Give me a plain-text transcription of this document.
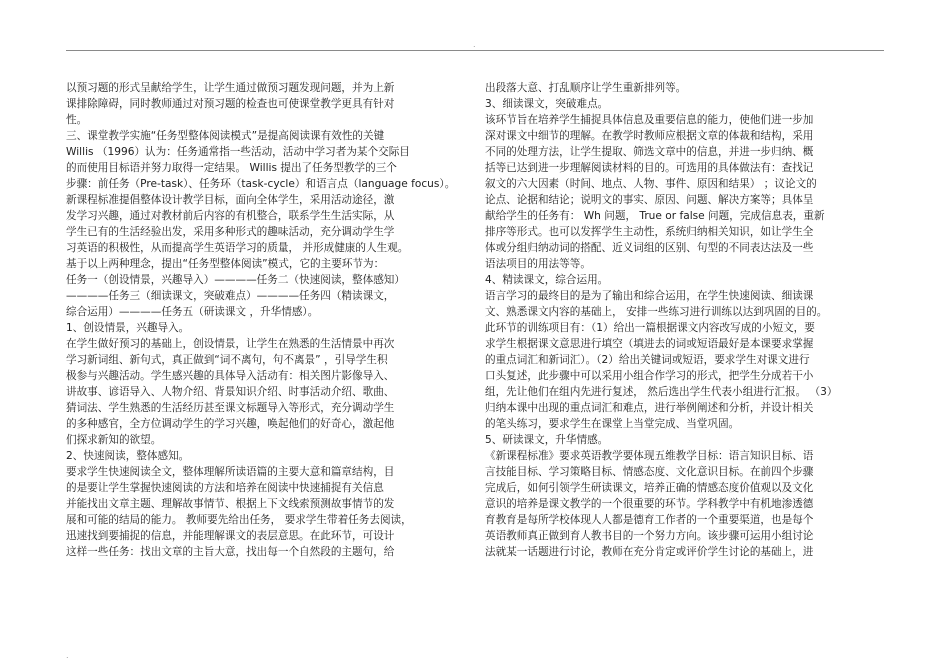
.
以预习题的形式呈献给学生，让学生通过做预习题发现问题，并为上新
课排除障碍，同时教师通过对预习题的检查也可使课堂教学更具有针对
性。
三、课堂教学实施“任务型整体阅读模式”是提高阅读课有效性的关键
Willis （1996）认为：任务通常指一些活动，活动中学习者为某个交际目
的而使用目标语并努力取得一定结果。 Willis 提出了任务型教学的三个
步骤：前任务（Pre-task）、任务环（task-cycle）和语言点（language focus）。
新课程标准提倡整体设计教学目标，面向全体学生，采用活动途径，激
发学习兴趣，通过对教材前后内容的有机整合，联系学生生活实际，从
学生已有的生活经验出发，采用多种形式的趣味活动，充分调动学生学
习英语的积极性，从而提高学生英语学习的质量， 并形成健康的人生观。
基于以上两种理念，提出“任务型整体阅读”模式，它的主要环节为：
任务一（创设情景，兴趣导入）————任务二（快速阅读，整体感知）
————任务三（细读课文，突破难点）————任务四（精读课文，
综合运用）————任务五（研读课文 ，升华情感）。
1、创设情景，兴趣导入。
在学生做好预习的基础上，创设情景，让学生在熟悉的生活情景中再次
学习新词组、新句式，真正做到“词不离句，句不离景” ，引导学生积
极参与兴趣活动。学生感兴趣的具体导入活动有：相关图片影像导入、
讲故事、谚语导入、人物介绍、背景知识介绍、时事活动介绍、歌曲、
猜词法、学生熟悉的生活经历甚至课文标题导入等形式，充分调动学生
的多种感官，全方位调动学生的学习兴趣，唤起他们的好奇心，激起他
们探求新知的欲望。
2、快速阅读，整体感知。
要求学生快速阅读全文，整体理解所读语篇的主要大意和篇章结构，目
的是要让学生掌握快速阅读的方法和培养在阅读中快速捕捉有关信息
并能找出文章主题、理解故事情节、根据上下文线索预测故事情节的发
展和可能的结局的能力。 教师要先给出任务， 要求学生带着任务去阅读，
迅速找到要捕捉的信息，并能理解课文的表层意思。在此环节，可设计
这样一些任务：找出文章的主旨大意，找出每一个自然段的主题句，给
出段落大意、打乱顺序让学生重新排列等。
3、细读课文，突破难点。
该环节旨在培养学生捕捉具体信息及重要信息的能力，使他们进一步加
深对课文中细节的理解。在教学时教师应根据文章的体裁和结构，采用
不同的处理方法，让学生提取、筛选文章中的信息，并进一步归纳、概
括等已达到进一步理解阅读材料的目的。可选用的具体做法有：查找记
叙文的六大因素（时间、地点、人物、事件、原因和结果） ；议论文的
论点、论据和结论；说明文的事实、原因、问题、解决方案等；具体呈
献给学生的任务有： Wh 问题， True or false 问题，完成信息表，重新
排序等形式。也可以发挥学生主动性，系统归纳相关知识，如让学生全
体或分组归纳动词的搭配、近义词组的区别、句型的不同表达法及一些
语法项目的用法等等。
4、精读课文，综合运用。
语言学习的最终目的是为了输出和综合运用，在学生快速阅读、细读课
文、熟悉课文内容的基础上， 安排一些练习进行训练以达到巩固的目的。
此环节的训练项目有：（1）给出一篇根据课文内容改写成的小短文，要
求学生根据课文意思进行填空（填进去的词或短语最好是本课要求掌握
的重点词汇和新词汇）。（2）给出关键词或短语，要求学生对课文进行
口头复述，此步骤中可以采用小组合作学习的形式，把学生分成若干小
组，先让他们在组内先进行复述， 然后选出学生代表小组进行汇报。 （3）
归纳本课中出现的重点词汇和难点，进行举例阐述和分析，并设计相关
的笔头练习，要求学生在课堂上当堂完成、当堂巩固。
5、研读课文，升华情感。
《新课程标准》要求英语教学要体现五维教学目标：语言知识目标、语
言技能目标、学习策略目标、情感态度、文化意识目标。在前四个步骤
完成后，如何引领学生研读课文，培养正确的情感态度价值观以及文化
意识的培养是课文教学的一个很重要的环节。学科教学中有机地渗透德
育教育是每所学校体现人人都是德育工作者的一个重要渠道，也是每个
英语教师真正做到育人教书目的一个努力方向。该步骤可运用小组讨论
法就某一话题进行讨论，教师在充分肯定或评价学生讨论的基础上，进
.
